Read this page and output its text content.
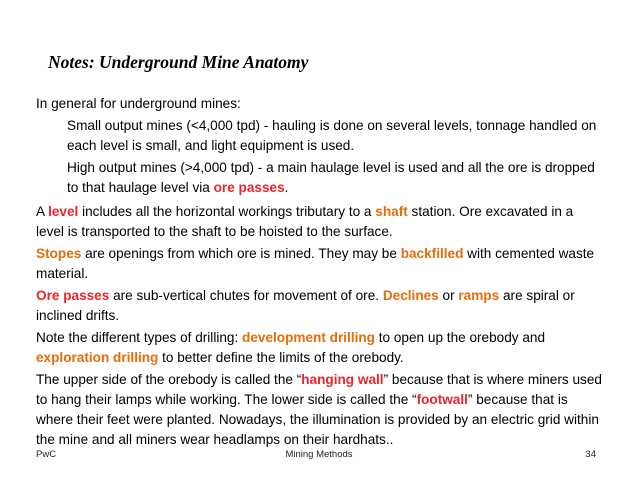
Notes: Underground Mine Anatomy

In general for underground mines:

Small output mines (<4,000 tpd) - hauling is done on several levels, tonnage handled on each level is small, and light equipment is used.

High output mines (>4,000 tpd) - a main haulage level is used and all the ore is dropped to that haulage level via ore passes.

A level includes all the horizontal workings tributary to a shaft station. Ore excavated in a level is transported to the shaft to be hoisted to the surface.

Stopes are openings from which ore is mined. They may be backfilled with cemented waste material.

Ore passes are sub-vertical chutes for movement of ore. Declines or ramps are spiral or inclined drifts.

Note the different types of drilling: development drilling to open up the orebody and exploration drilling to better define the limits of the orebody.

The upper side of the orebody is called the “hanging wall” because that is where miners used to hang their lamps while working. The lower side is called the “footwall” because that is where their feet were planted. Nowadays, the illumination is provided by an electric grid within the mine and all miners wear headlamps on their hardhats..

PwC	Mining Methods	34
